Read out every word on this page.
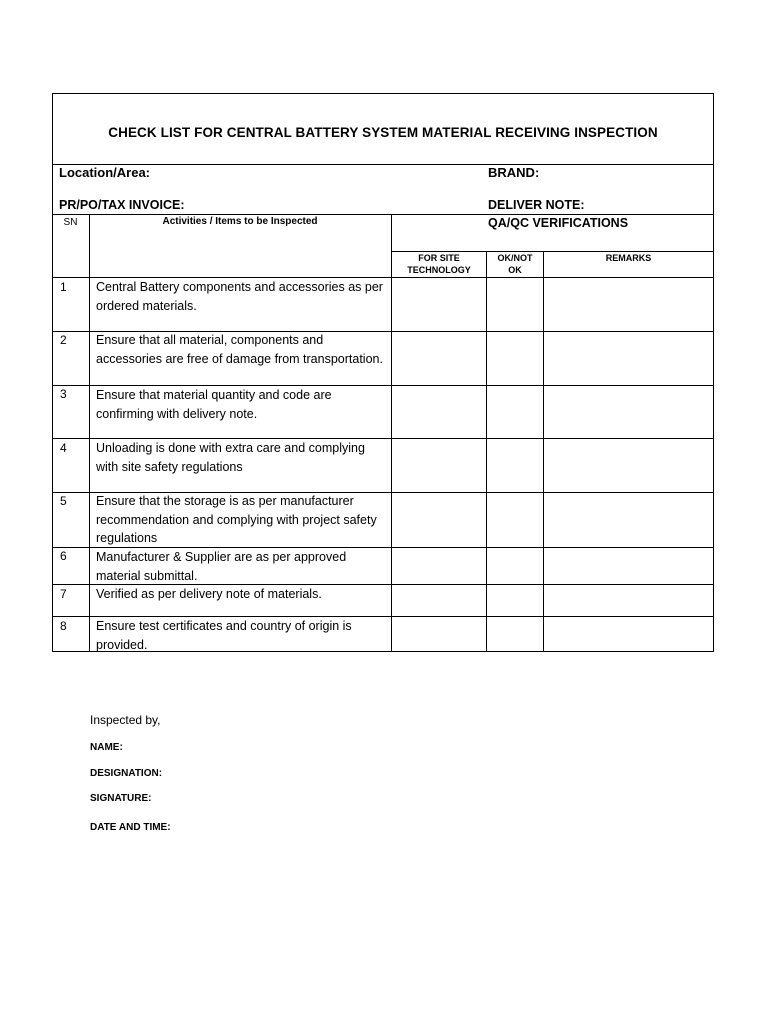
CHECK LIST FOR CENTRAL BATTERY SYSTEM MATERIAL RECEIVING INSPECTION
Location/Area:	BRAND:
PR/PO/TAX INVOICE:	DELIVER NOTE:
SN	Activities / Items to be Inspected	QA/QC VERIFICATIONS
FOR SITE TECHNOLOGY
OK/NOT OK
REMARKS
1 Central Battery components and accessories as per ordered materials.
2 Ensure that all material, components and accessories are free of damage from transportation.
3 Ensure that material quantity and code are confirming with delivery note.
4 Unloading is done with extra care and complying with site safety regulations
5 Ensure that the storage is as per manufacturer recommendation and complying with project safety regulations
6 Manufacturer & Supplier are as per approved material submittal.
7 Verified as per delivery note of materials.
8 Ensure test certificates and country of origin is provided.
Inspected by,
NAME:
DESIGNATION:
SIGNATURE:
DATE AND TIME:
